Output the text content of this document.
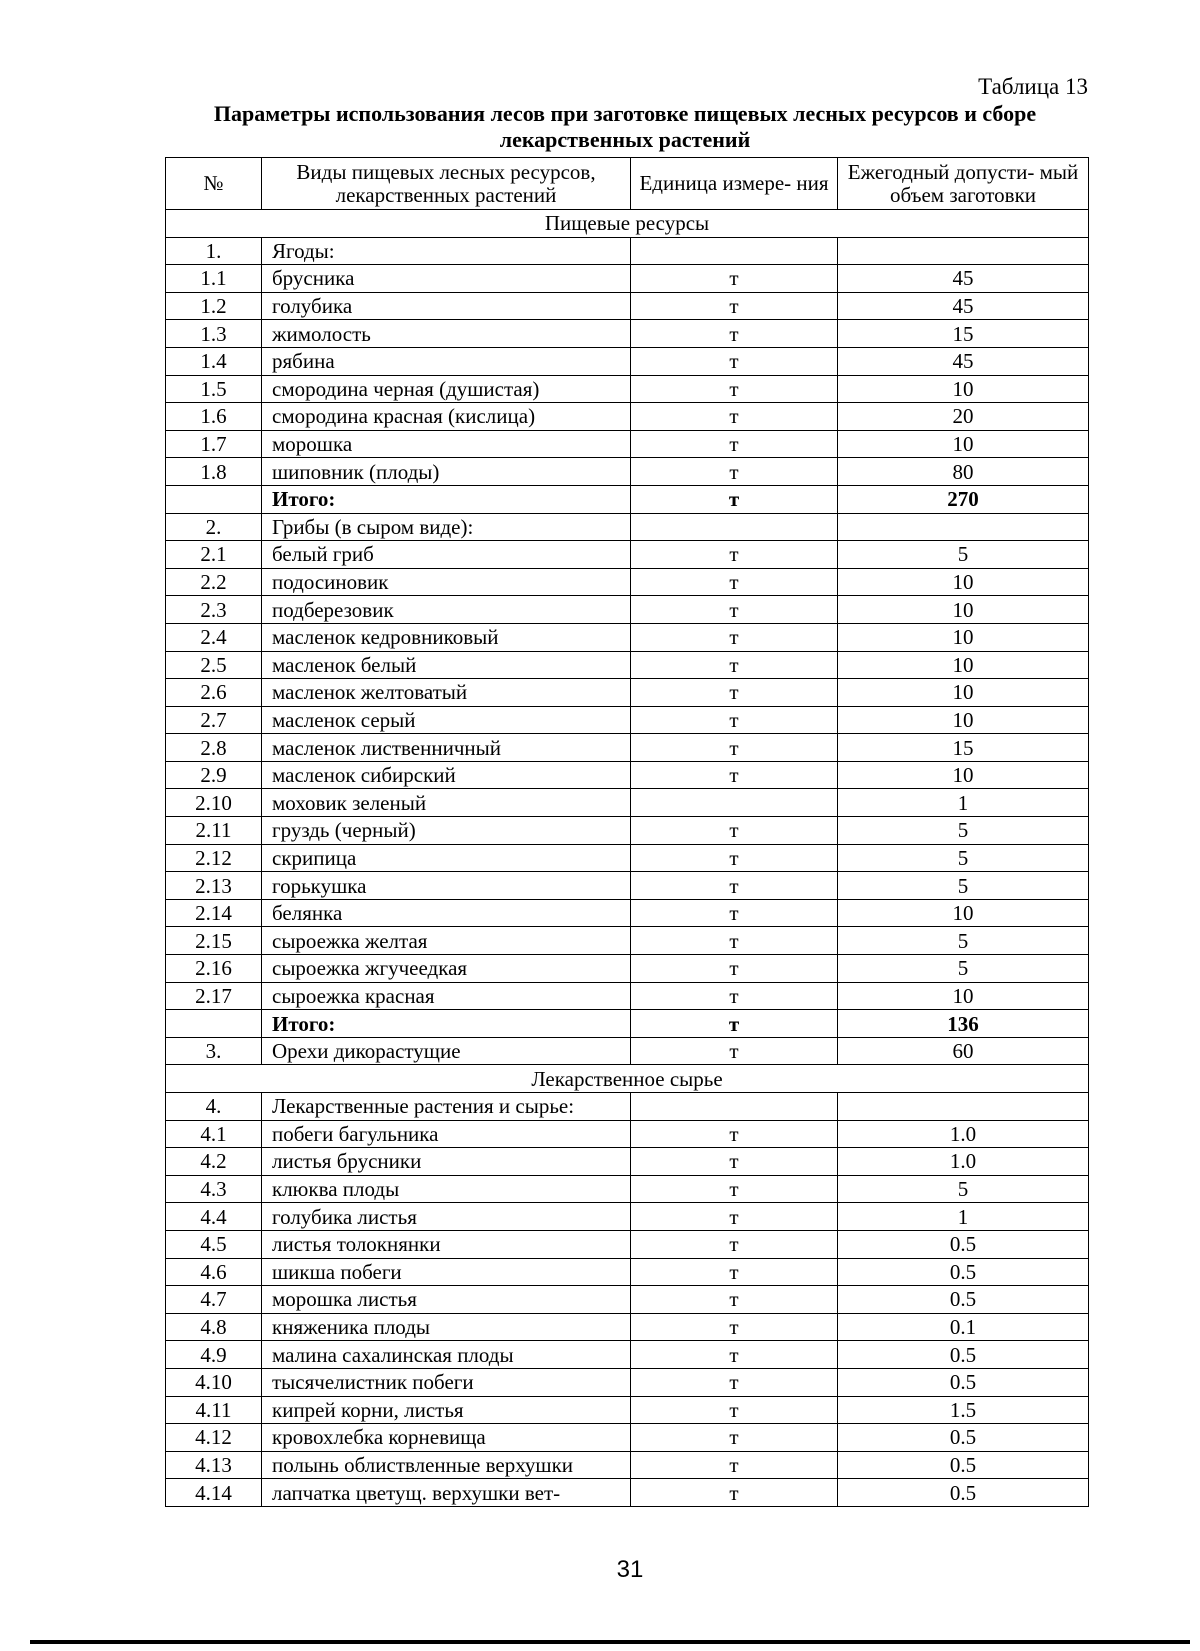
Таблица 13
Параметры использования лесов при заготовке пищевых лесных ресурсов и сборе лекарственных растений
№	Виды пищевых лесных ресурсов, лекарственных растений	Единица измере- ния	Ежегодный допусти- мый объем заготовки
Пищевые ресурсы			
1.	Ягоды:		
1.1	брусника	т	45
1.2	голубика	т	45
1.3	жимолость	т	15
1.4	рябина	т	45
1.5	смородина черная (душистая)	т	10
1.6	смородина красная (кислица)	т	20
1.7	морошка	т	10
1.8	шиповник (плоды)	т	80
	Итого:	т	270
2.	Грибы (в сыром виде):		
2.1	белый гриб	т	5
2.2	подосиновик	т	10
2.3	подберезовик	т	10
2.4	масленок кедровниковый	т	10
2.5	масленок белый	т	10
2.6	масленок желтоватый	т	10
2.7	масленок серый	т	10
2.8	масленок лиственничный	т	15
2.9	масленок сибирский	т	10
2.10	моховик зеленый		1
2.11	груздь (черный)	т	5
2.12	скрипица	т	5
2.13	горькушка	т	5
2.14	белянка	т	10
2.15	сыроежка желтая	т	5
2.16	сыроежка жгучеедкая	т	5
2.17	сыроежка красная	т	10
	Итого:	т	136
3.	Орехи дикорастущие	т	60
Лекарственное сырье			
4.	Лекарственные растения и сырье:		
4.1	побеги багульника	т	1.0
4.2	листья брусники	т	1.0
4.3	клюква плоды	т	5
4.4	голубика листья	т	1
4.5	листья толокнянки	т	0.5
4.6	шикша побеги	т	0.5
4.7	морошка листья	т	0.5
4.8	княженика плоды	т	0.1
4.9	малина сахалинская плоды	т	0.5
4.10	тысячелистник побеги	т	0.5
4.11	кипрей корни, листья	т	1.5
4.12	кровохлебка корневища	т	0.5
4.13	полынь облиствленные верхушки	т	0.5
4.14	лапчатка цветущ. верхушки вет-	т	0.5
31
